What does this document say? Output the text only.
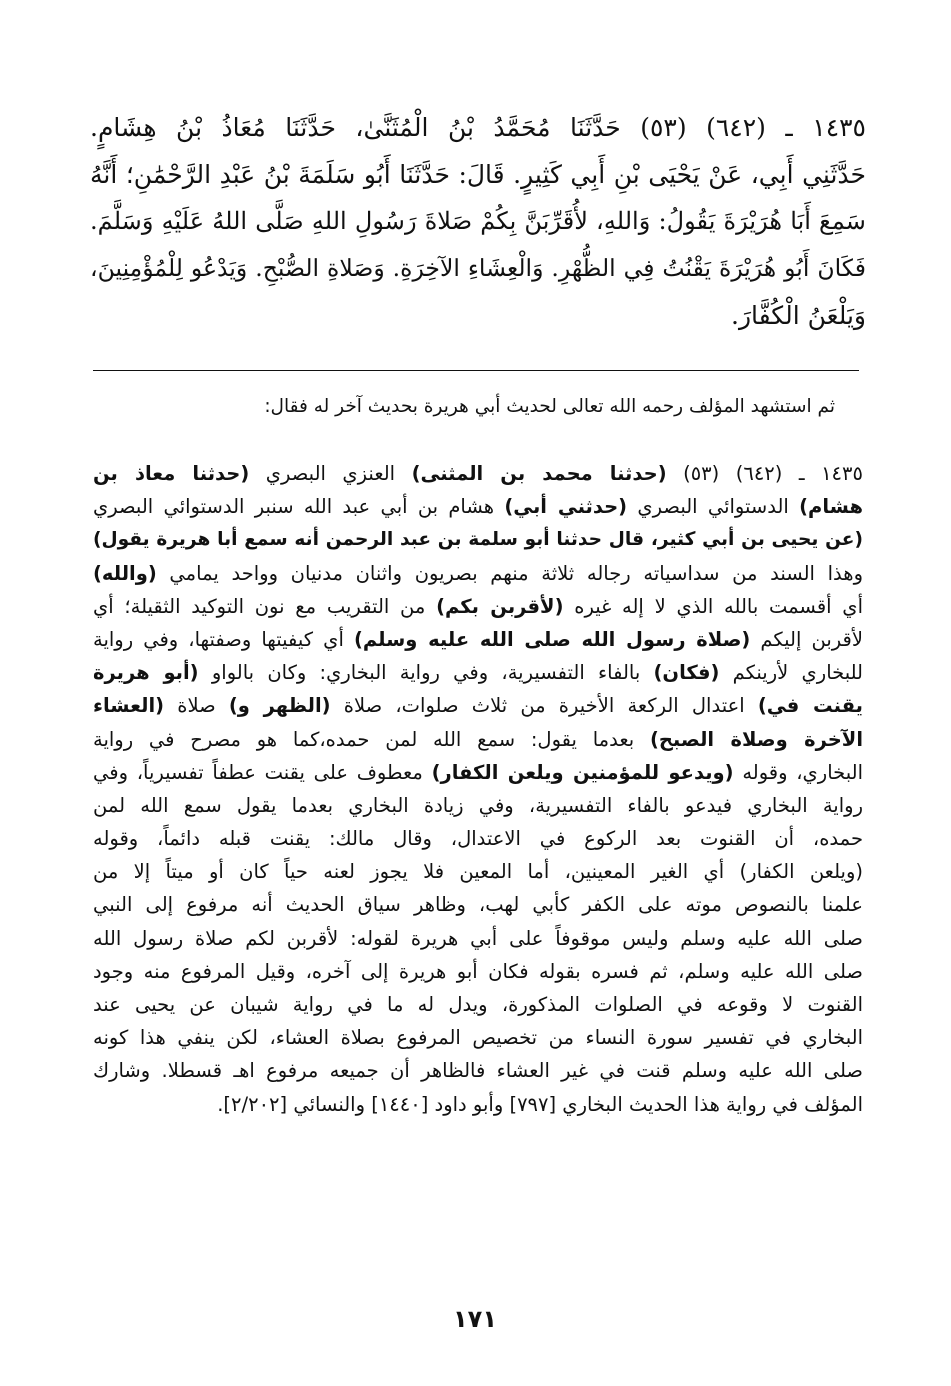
١٤٣٥ ـ (٦٤٢) (٥٣) حَدَّثَنَا مُحَمَّدُ بْنُ الْمُثَنَّىٰ، حَدَّثَنَا مُعَاذُ بْنُ هِشَامٍ.
حَدَّثَنِي أَبِي، عَنْ يَحْيَى بْنِ أَبِي كَثِيرٍ. قَالَ: حَدَّثَنَا أَبُو سَلَمَةَ بْنُ عَبْدِ الرَّحْمَٰنِ؛ أَنَّهُ
سَمِعَ أَبَا هُرَيْرَةَ يَقُولُ: وَاللهِ، لأُقَرِّبَنَّ بِكُمْ صَلاةَ رَسُولِ اللهِ صَلَّى اللهُ عَلَيْهِ وَسَلَّمَ.
فَكَانَ أَبُو هُرَيْرَةَ يَقْنُتُ فِي الظُّهْرِ. وَالْعِشَاءِ الآخِرَةِ. وَصَلاةِ الصُّبْحِ. وَيَدْعُو لِلْمُؤْمِنِينَ،
وَيَلْعَنُ الْكُفَّارَ.
ثم استشهد المؤلف رحمه الله تعالى لحديث أبي هريرة بحديث آخر له فقال:
١٤٣٥ ـ (٦٤٢) (٥٣) (حدثنا محمد بن المثنى) العنزي البصري (حدثنا معاذ بن
هشام) الدستوائي البصري (حدثني أبي) هشام بن أبي عبد الله سنبر الدستوائي البصري
(عن يحيى بن أبي كثير، قال حدثنا أبو سلمة بن عبد الرحمن أنه سمع أبا هريرة يقول)
وهذا السند من سداسياته رجاله ثلاثة منهم بصريون واثنان مدنيان وواحد يمامي (والله)
أي أقسمت بالله الذي لا إله غيره (لأقربن بكم) من التقريب مع نون التوكيد الثقيلة؛ أي
لأقربن إليكم (صلاة رسول الله صلى الله عليه وسلم) أي كيفيتها وصفتها، وفي رواية
للبخاري لأرينكم (فكان) بالفاء التفسيرية، وفي رواية البخاري: وكان بالواو (أبو هريرة
يقنت في) اعتدال الركعة الأخيرة من ثلاث صلوات، صلاة (الظهر و) صلاة (العشاء
الآخرة وصلاة الصبح) بعدما يقول: سمع الله لمن حمده،كما هو مصرح في رواية
البخاري، وقوله (ويدعو للمؤمنين ويلعن الكفار) معطوف على يقنت عطفاً تفسيرياً، وفي
رواية البخاري فيدعو بالفاء التفسيرية، وفي زيادة البخاري بعدما يقول سمع الله لمن
حمده، أن القنوت بعد الركوع في الاعتدال، وقال مالك: يقنت قبله دائماً، وقوله
(ويلعن الكفار) أي الغير المعينين، أما المعين فلا يجوز لعنه حياً كان أو ميتاً إلا من
علمنا بالنصوص موته على الكفر كأبي لهب، وظاهر سياق الحديث أنه مرفوع إلى النبي
صلى الله عليه وسلم وليس موقوفاً على أبي هريرة لقوله: لأقربن لكم صلاة رسول الله
صلى الله عليه وسلم، ثم فسره بقوله فكان أبو هريرة إلى آخره، وقيل المرفوع منه وجود
القنوت لا وقوعه في الصلوات المذكورة، ويدل له ما في رواية شيبان عن يحيى عند
البخاري في تفسير سورة النساء من تخصيص المرفوع بصلاة العشاء، لكن ينفي هذا كونه
صلى الله عليه وسلم قنت في غير العشاء فالظاهر أن جميعه مرفوع اهـ قسطلا. وشارك
المؤلف في رواية هذا الحديث البخاري [٧٩٧] وأبو داود [١٤٤٠] والنسائي [٢/٢٠٢].
١٧١
